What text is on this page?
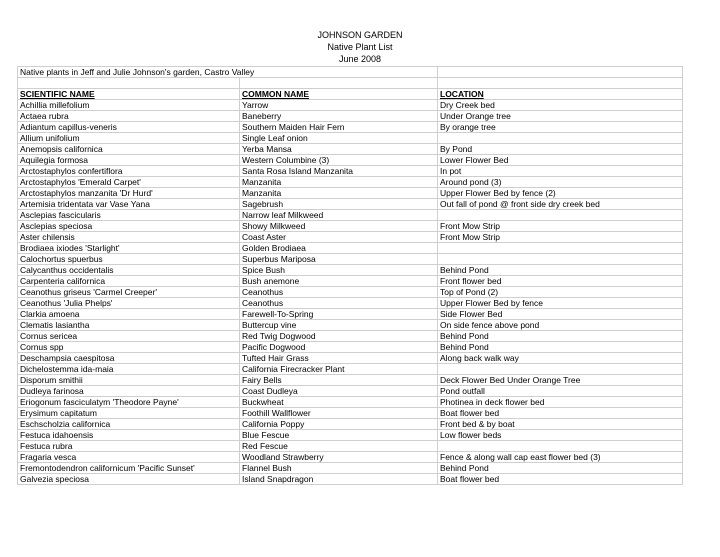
JOHNSON GARDEN
Native Plant List
June 2008
Native plants in Jeff and Julie Johnson's garden, Castro Valley		

SCIENTIFIC NAME	COMMON NAME	LOCATION
Achillia millefolium	Yarrow	Dry Creek bed
Actaea rubra	Baneberry	Under Orange tree
Adiantum capillus-veneris	Southern Maiden Hair Fern	By orange tree
Allium unifolium	Single Leaf onion	
Anemopsis californica	Yerba Mansa	By Pond
Aquilegia formosa	Western Columbine (3)	Lower Flower Bed
Arctostaphylos confertiflora	Santa Rosa Island Manzanita	In pot
Arctostaphylos 'Emerald Carpet'	Manzanita	Around pond (3)
Arctostaphylos manzanita 'Dr Hurd'	Manzanita	Upper Flower Bed by fence (2)
Artemisia tridentata var Vase Yana	Sagebrush	Out fall of pond @ front side dry creek bed
Asclepias fascicularis	Narrow leaf Milkweed	
Asclepias speciosa	Showy Milkweed	Front Mow Strip
Aster chilensis	Coast Aster	Front Mow Strip
Brodiaea ixiodes 'Starlight'	Golden Brodiaea	
Calochortus spuerbus	Superbus Mariposa	
Calycanthus occidentalis	Spice Bush	Behind Pond
Carpenteria californica	Bush anemone	Front flower bed
Ceanothus griseus 'Carmel Creeper'	Ceanothus	Top of Pond (2)
Ceanothus 'Julia Phelps'	Ceanothus	Upper Flower Bed by fence
Clarkia amoena	Farewell-To-Spring	Side Flower Bed
Clematis lasiantha	Buttercup vine	On side fence above pond
Cornus sericea	Red Twig Dogwood	Behind Pond
Cornus spp	Pacific Dogwood	Behind Pond
Deschampsia caespitosa	Tufted Hair Grass	Along back walk way
Dichelostemma ida-maia	California Firecracker Plant	
Disporum smithii	Fairy Bells	Deck Flower Bed Under Orange Tree
Dudleya farinosa	Coast Dudleya	Pond outfall
Eriogonum fasciculatym 'Theodore Payne'	Buckwheat	Photinea in deck flower bed
Erysimum capitatum	Foothill Wallflower	Boat flower bed
Eschscholzia californica	California Poppy	Front bed & by boat
Festuca idahoensis	Blue Fescue	Low flower beds
Festuca rubra	Red Fescue	
Fragaria vesca	Woodland Strawberry	Fence & along wall cap east flower bed (3)
Fremontodendron californicum 'Pacific Sunset'	Flannel Bush	Behind Pond
Galvezia speciosa	Island Snapdragon	Boat flower bed
